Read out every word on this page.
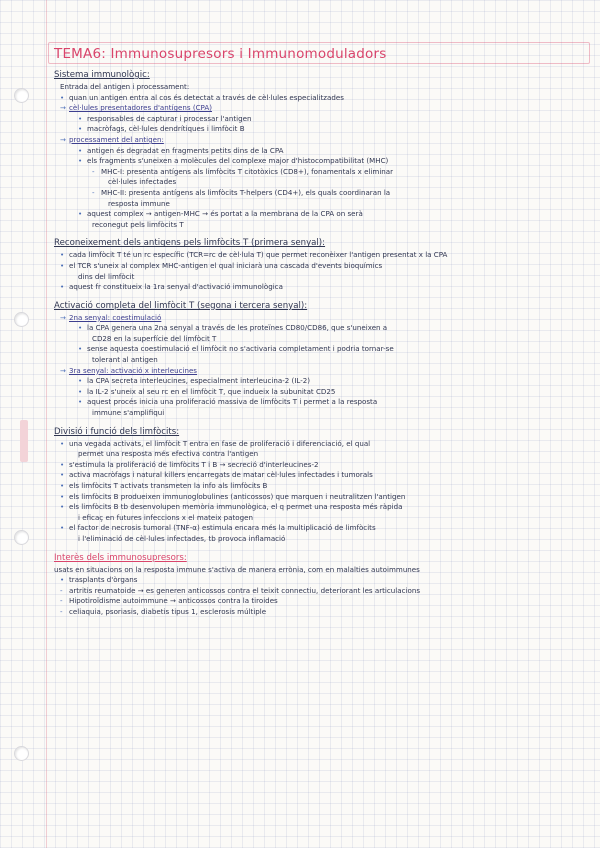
TEMA6: Immunosupresors i Immunomoduladors
Sistema immunològic:
Entrada del antigen i processament:
• quan un antigen entra al cos és detectat a través de cèl·lules especialitzades
→ cèl·lules presentadores d'antígens (CPA)
• responsables de capturar i processar l'antigen
• macròfags, cèl·lules dendrítiques i limfòcit B
→ processament del antigen:
• antigen és degradat en fragments petits dins de la CPA
• els fragments s'uneixen a molècules del complexe major d'histocompatibilitat (MHC)
- MHC-I: presenta antígens als limfòcits T citotòxics (CD8+), fonamentals x eliminar
cèl·lules infectades
- MHC-II: presenta antígens als limfòcits T-helpers (CD4+), els quals coordinaran la
resposta immune
• aquest complex → antigen-MHC → és portat a la membrana de la CPA on serà
reconegut pels limfòcits T
Reconeixement dels antigens pels limfòcits T (primera senyal):
• cada limfòcit T té un rc específic (TCR=rc de cèl·lula T) que permet reconèixer l'antigen presentat x la CPA
• el TCR s'uneix al complex MHC-antigen el qual iniciarà una cascada d'events bioquímics
dins del limfòcit
• aquest fr constitueix la 1ra senyal d'activació immunològica
Activació completa del limfòcit T (segona i tercera senyal):
→ 2na senyal: coestimulació
• la CPA genera una 2na senyal a través de les proteïnes CD80/CD86, que s'uneixen a
CD28 en la superfície del limfòcit T
• sense aquesta coestimulació el limfòcit no s'activaria completament i podria tornar-se
tolerant al antigen
→ 3ra senyal: activació x interleucines
• la CPA secreta interleucines, especialment interleucina-2 (IL-2)
• la IL-2 s'uneix al seu rc en el limfòcit T, que indueix la subunitat CD25
• aquest procés inicia una proliferació massiva de limfòcits T i permet a la resposta
immune s'amplifiqui
Divisió i funció dels limfòcits:
• una vegada activats, el limfòcit T entra en fase de proliferació i diferenciació, el qual
permet una resposta més efectiva contra l'antigen
• s'estimula la proliferació de limfòcits T i B → secreció d'interleucines-2
• activa macròfags i natural killers encarregats de matar cèl·lules infectades i tumorals
• els limfòcits T activats transmeten la info als limfòcits B
• els limfòcits B produeixen immunoglobulines (anticossos) que marquen i neutralitzen l'antigen
• els limfòcits B tb desenvolupen memòria immunològica, el q permet una resposta més ràpida
i eficaç en futures infeccions x el mateix patogen
• el factor de necrosis tumoral (TNF-α) estimula encara més la multiplicació de limfòcits
i l'eliminació de cèl·lules infectades, tb provoca inflamació
Interès dels immunosupresors:
usats en situacions on la resposta immune s'activa de manera errònia, com en malalties autoimmunes
• trasplants d'òrgans
- artritis reumatoide → es generen anticossos contra el teixit connectiu, deteriorant les articulacions
- Hipotiroïdisme autoimmune → anticossos contra la tiroides
- celiaquia, psoriasis, diabetis tipus 1, esclerosis múltiple
